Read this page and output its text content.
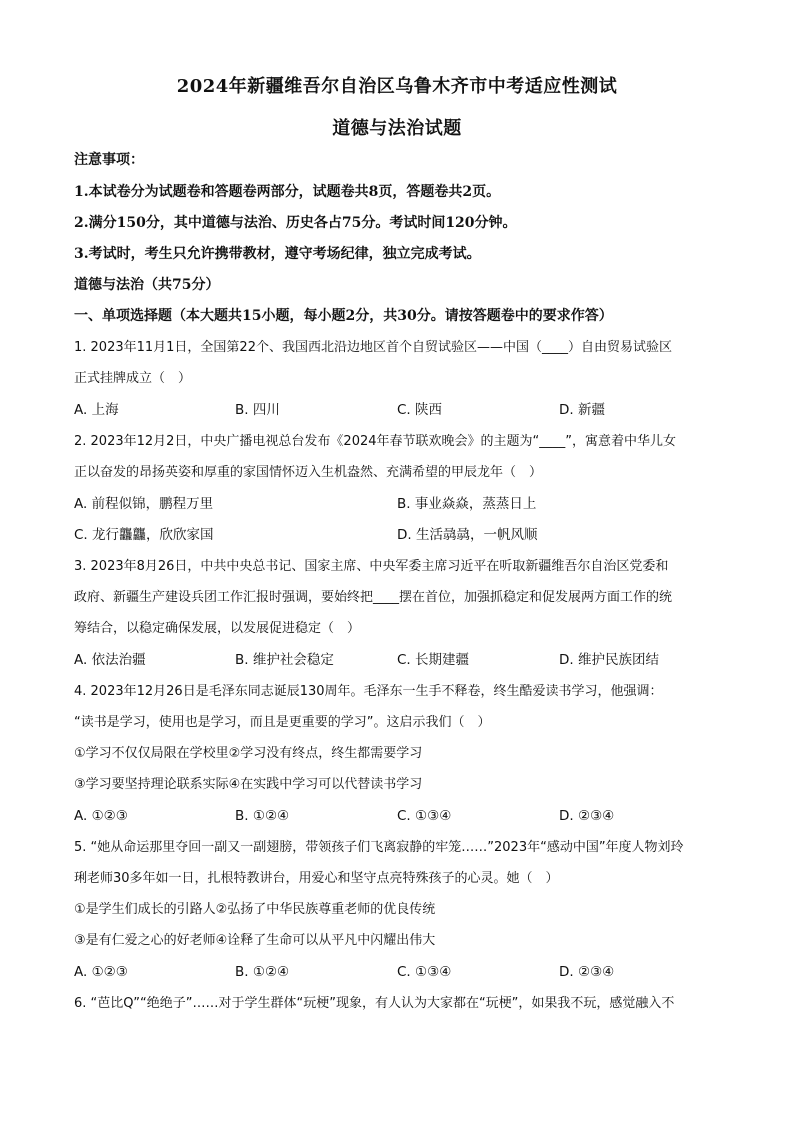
2024年新疆维吾尔自治区乌鲁木齐市中考适应性测试
道德与法治试题
注意事项：
1.本试卷分为试题卷和答题卷两部分，试题卷共8页，答题卷共2页。
2.满分150分，其中道德与法治、历史各占75分。考试时间120分钟。
3.考试时，考生只允许携带教材，遵守考场纪律，独立完成考试。
道德与法治（共75分）
一、单项选择题（本大题共15小题，每小题2分，共30分。请按答题卷中的要求作答）
1. 2023年11月1日，全国第22个、我国西北沿边地区首个自贸试验区——中国（____）自由贸易试验区
正式挂牌成立（　）
A. 上海	B. 四川	C. 陕西	D. 新疆
2. 2023年12月2日，中央广播电视总台发布《2024年春节联欢晚会》的主题为“____”，寓意着中华儿女
正以奋发的昂扬英姿和厚重的家国情怀迈入生机盎然、充满希望的甲辰龙年（　）
A. 前程似锦，鹏程万里	B. 事业焱焱，蒸蒸日上
C. 龙行龘龘，欣欣家国	D. 生活骉骉，一帆风顺
3. 2023年8月26日，中共中央总书记、国家主席、中央军委主席习近平在听取新疆维吾尔自治区党委和
政府、新疆生产建设兵团工作汇报时强调，要始终把____摆在首位，加强抓稳定和促发展两方面工作的统
筹结合，以稳定确保发展，以发展促进稳定（　）
A. 依法治疆	B. 维护社会稳定	C. 长期建疆	D. 维护民族团结
4. 2023年12月26日是毛泽东同志诞辰130周年。毛泽东一生手不释卷，终生酷爱读书学习，他强调：
“读书是学习，使用也是学习，而且是更重要的学习”。这启示我们（　）
①学习不仅仅局限在学校里②学习没有终点，终生都需要学习
③学习要坚持理论联系实际④在实践中学习可以代替读书学习
A. ①②③	B. ①②④	C. ①③④	D. ②③④
5. “她从命运那里夺回一副又一副翅膀，带领孩子们飞离寂静的牢笼……”2023年“感动中国”年度人物刘玲
琍老师30多年如一日，扎根特教讲台，用爱心和坚守点亮特殊孩子的心灵。她（　）
①是学生们成长的引路人②弘扬了中华民族尊重老师的优良传统
③是有仁爱之心的好老师④诠释了生命可以从平凡中闪耀出伟大
A. ①②③	B. ①②④	C. ①③④	D. ②③④
6. “芭比Q”“绝绝子”……对于学生群体“玩梗”现象，有人认为大家都在“玩梗”，如果我不玩，感觉融入不
